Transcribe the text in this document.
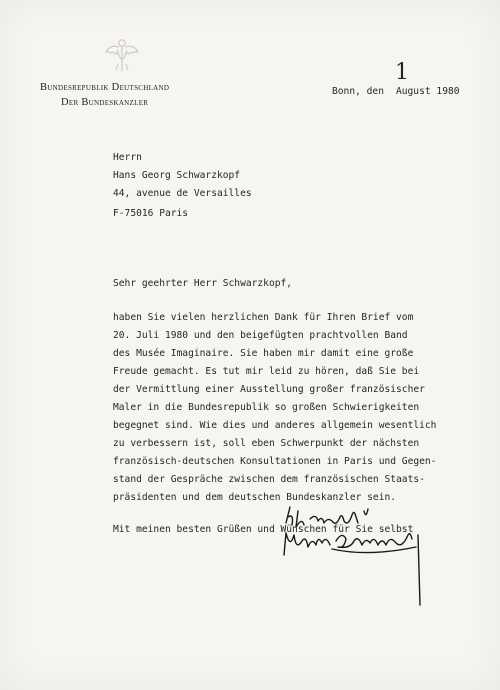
Bundesrepublik Deutschland
Der Bundeskanzler
Bonn, den August 1980
1
Herrn
Hans Georg Schwarzkopf
44, avenue de Versailles
F-75016 Paris
Sehr geehrter Herr Schwarzkopf,
haben Sie vielen herzlichen Dank für Ihren Brief vom
20. Juli 1980 und den beigefügten prachtvollen Band
des Musée Imaginaire. Sie haben mir damit eine große
Freude gemacht. Es tut mir leid zu hören, daß Sie bei
der Vermittlung einer Ausstellung großer französischer
Maler in die Bundesrepublik so großen Schwierigkeiten
begegnet sind. Wie dies und anderes allgemein wesentlich
zu verbessern ist, soll eben Schwerpunkt der nächsten
französisch-deutschen Konsultationen in Paris und Gegen-
stand der Gespräche zwischen dem französischen Staats-
präsidenten und dem deutschen Bundeskanzler sein.
Mit meinen besten Grüßen und Wünschen für Sie selbst
